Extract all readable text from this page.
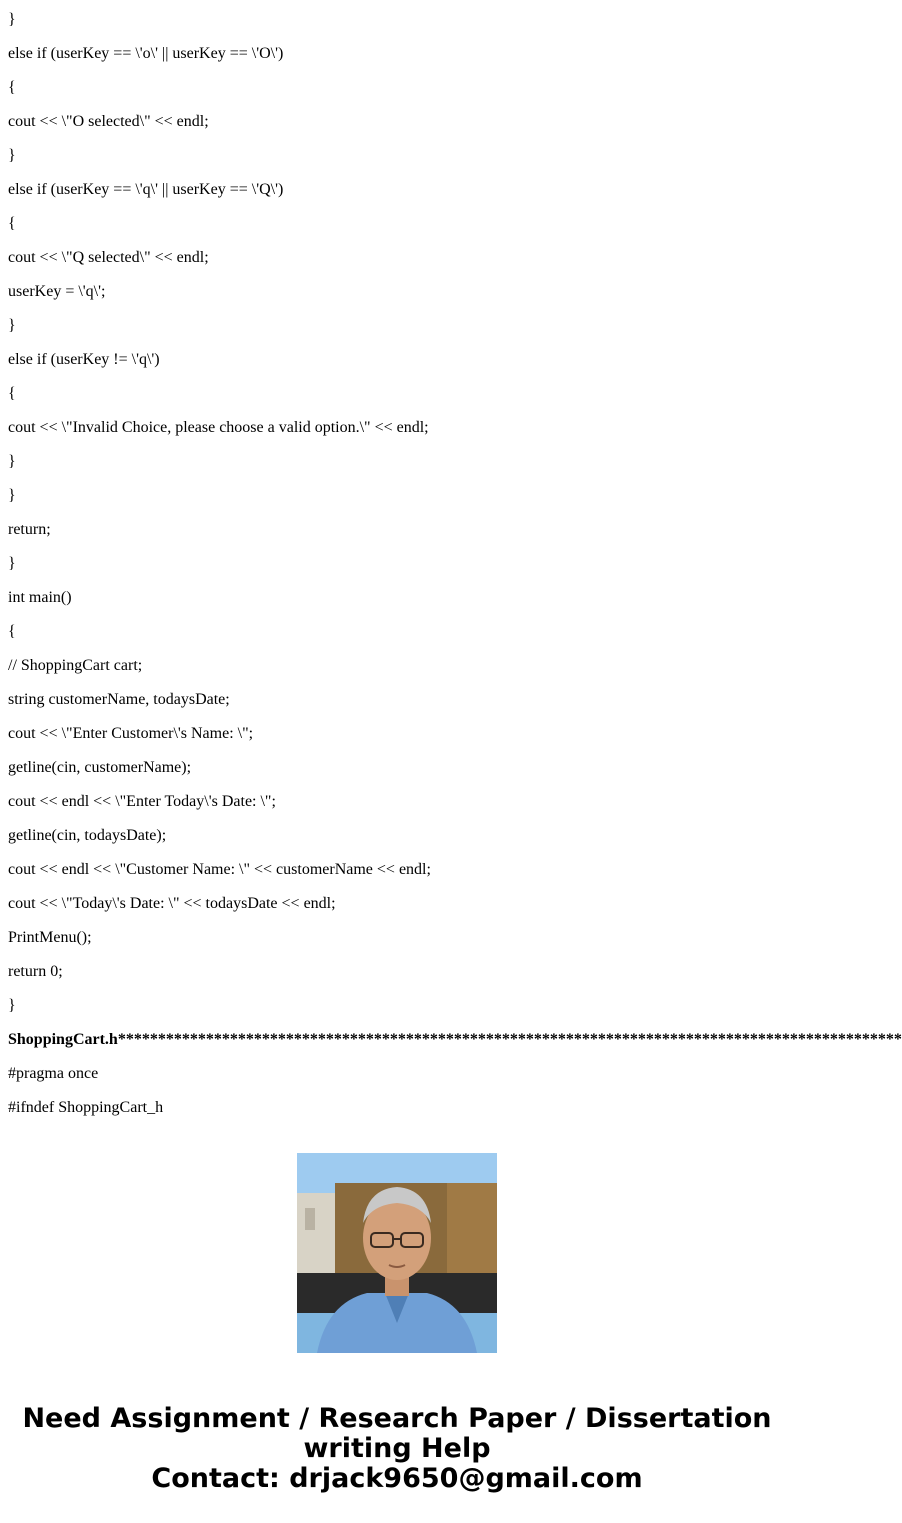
}

else if (userKey == \'o\' || userKey == \'O\')

{

cout << \"O selected\" << endl;

}

else if (userKey == \'q\' || userKey == \'Q\')

{

cout << \"Q selected\" << endl;

userKey = \'q\';

}

else if (userKey != \'q\')

{

cout << \"Invalid Choice, please choose a valid option.\" << endl;

}

}

return;

}

int main()

{

// ShoppingCart cart;

string customerName, todaysDate;

cout << \"Enter Customer\'s Name: \";

getline(cin, customerName);

cout << endl << \"Enter Today\'s Date: \";

getline(cin, todaysDate);

cout << endl << \"Customer Name: \" << customerName << endl;

cout << \"Today\'s Date: \" << todaysDate << endl;

PrintMenu();

return 0;

}

ShoppingCart.h**************************************************************************************************

#pragma once

#ifndef ShoppingCart_h

Need Assignment / Research Paper / Dissertation
writing Help
Contact: drjack9650@gmail.com
